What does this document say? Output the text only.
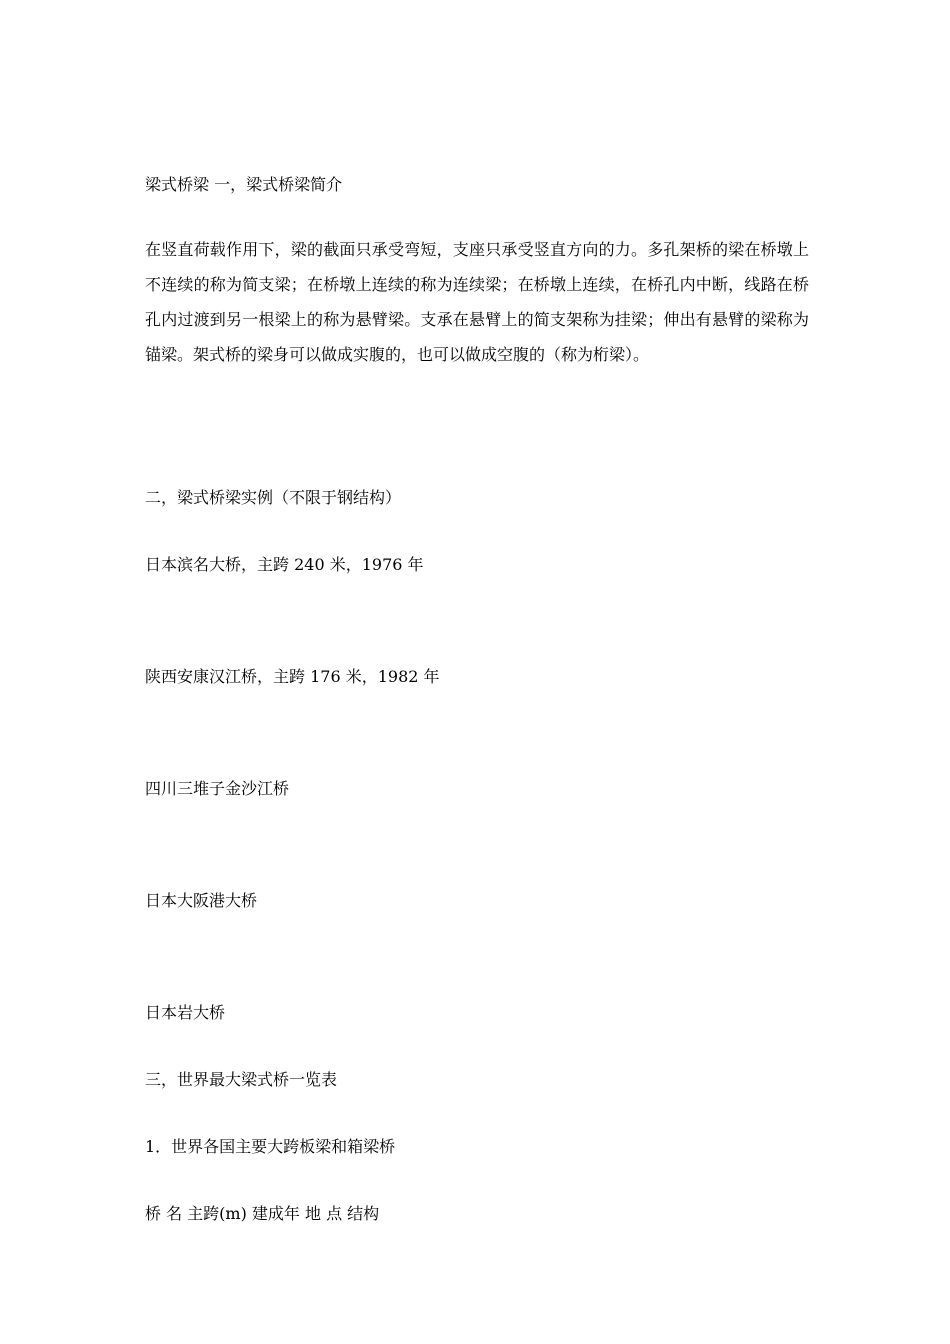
梁式桥梁 一，梁式桥梁简介

在竖直荷载作用下，梁的截面只承受弯短，支座只承受竖直方向的力。多孔架桥的梁在桥墩上不连续的称为简支梁；在桥墩上连续的称为连续梁；在桥墩上连续，在桥孔内中断，线路在桥孔内过渡到另一根梁上的称为悬臂梁。支承在悬臂上的简支架称为挂梁；伸出有悬臂的梁称为锚梁。架式桥的梁身可以做成实腹的，也可以做成空腹的（称为桁梁）。

二，梁式桥梁实例（不限于钢结构）

日本滨名大桥，主跨 240 米，1976 年

陕西安康汉江桥，主跨 176 米，1982 年

四川三堆子金沙江桥

日本大阪港大桥

日本岩大桥

三，世界最大梁式桥一览表

1．世界各国主要大跨板梁和箱梁桥

桥 名 主跨(m) 建成年 地 点 结构
